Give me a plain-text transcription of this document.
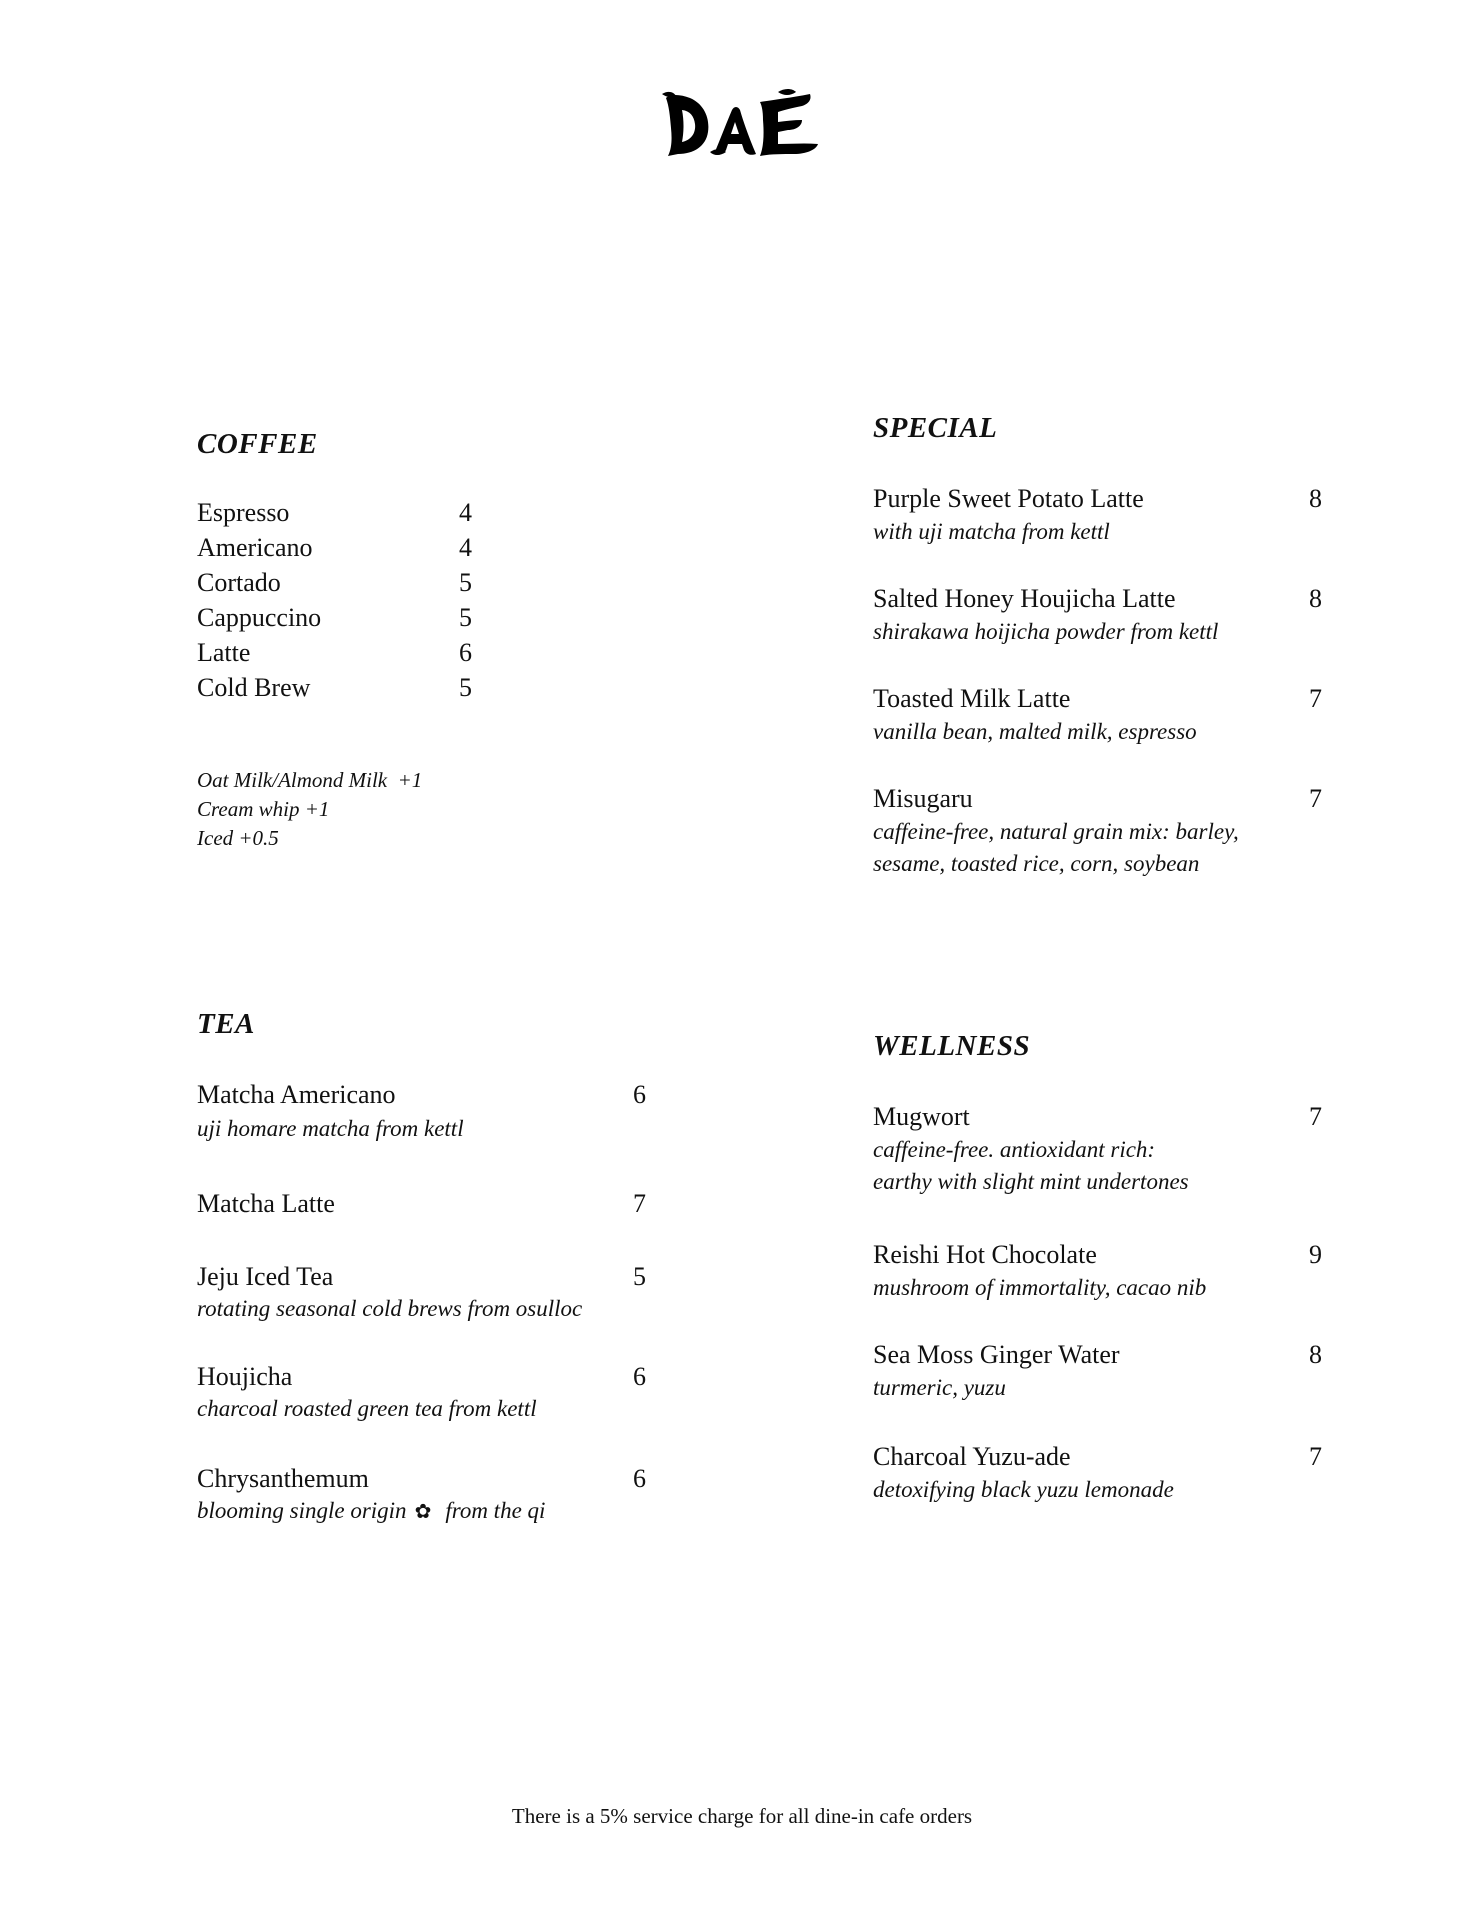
COFFEE
Espresso	4
Americano	4
Cortado	5
Cappuccino	5
Latte	6
Cold Brew	5
Oat Milk/Almond Milk  +1
Cream whip +1
Iced +0.5
SPECIAL
Purple Sweet Potato Latte	8
with uji matcha from kettl
Salted Honey Houjicha Latte	8
shirakawa hoijicha powder from kettl
Toasted Milk Latte	7
vanilla bean, malted milk, espresso
Misugaru	7
caffeine-free, natural grain mix: barley,
sesame, toasted rice, corn, soybean
TEA
Matcha Americano	6
uji homare matcha from kettl
Matcha Latte	7
Jeju Iced Tea	5
rotating seasonal cold brews from osulloc
Houjicha	6
charcoal roasted green tea from kettl
Chrysanthemum	6
blooming single origin ✿ from the qi
WELLNESS
Mugwort	7
caffeine-free. antioxidant rich:
earthy with slight mint undertones
Reishi Hot Chocolate	9
mushroom of immortality, cacao nib
Sea Moss Ginger Water	8
turmeric, yuzu
Charcoal Yuzu-ade	7
detoxifying black yuzu lemonade
There is a 5% service charge for all dine-in cafe orders
